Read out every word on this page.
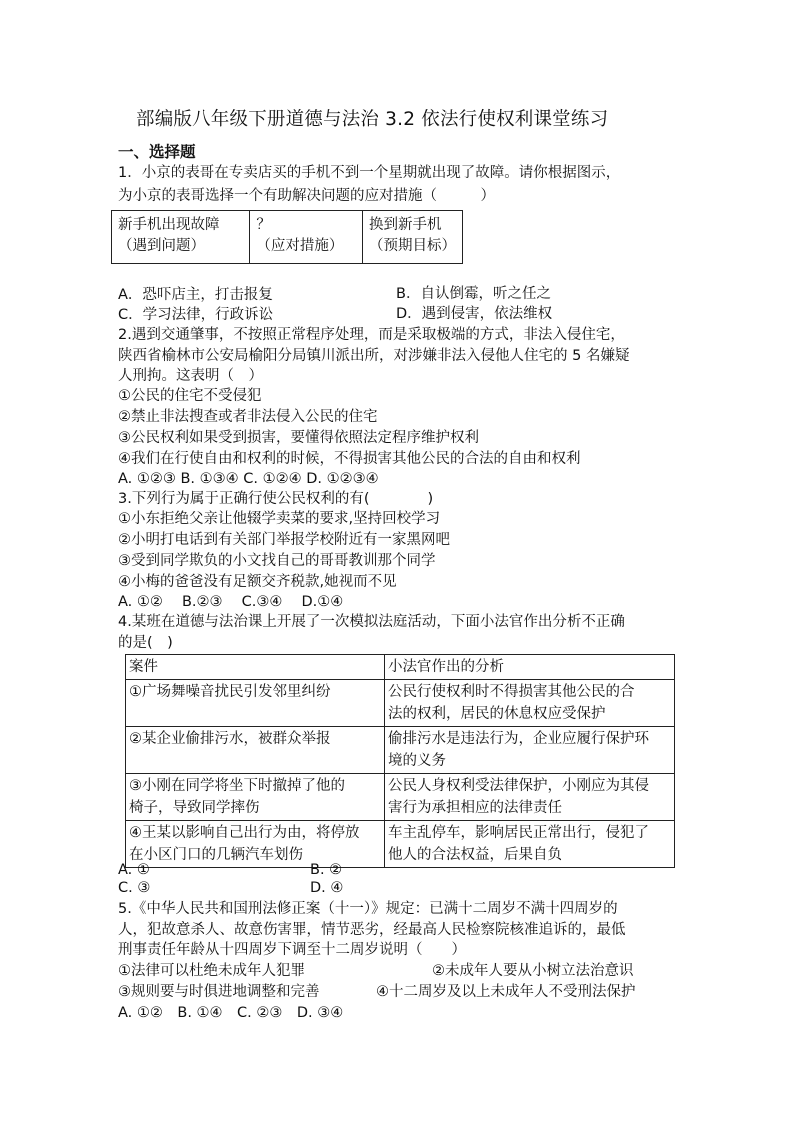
部编版八年级下册道德与法治 3.2 依法行使权利课堂练习
一、选择题
1．小京的表哥在专卖店买的手机不到一个星期就出现了故障。请你根据图示，
为小京的表哥选择一个有助解决问题的应对措施（　　　）
新手机出现故障
（遇到问题）

？
（应对措施）

换到新手机
（预期目标）
A．恐吓店主，打击报复	B．自认倒霉，听之任之
C．学习法律，行政诉讼	D．遇到侵害，依法维权
2.遇到交通肇事，不按照正常程序处理，而是采取极端的方式，非法入侵住宅，
陕西省榆林市公安局榆阳分局镇川派出所，对涉嫌非法入侵他人住宅的 5 名嫌疑
人刑拘。这表明（　）
①公民的住宅不受侵犯
②禁止非法搜查或者非法侵入公民的住宅
③公民权利如果受到损害，要懂得依照法定程序维护权利
④我们在行使自由和权利的时候，不得损害其他公民的合法的自由和权利
A. ①②③ B. ①③④ C. ①②④ D. ①②③④
3.下列行为属于正确行使公民权利的有(　　　　)
①小东拒绝父亲让他辍学卖菜的要求,坚持回校学习
②小明打电话到有关部门举报学校附近有一家黑网吧
③受到同学欺负的小文找自己的哥哥教训那个同学
④小梅的爸爸没有足额交齐税款,她视而不见
A. ①②　 B.②③　 C.③④　 D.①④
4.某班在道德与法治课上开展了一次模拟法庭活动，下面小法官作出分析不正确
的是(　)
案件	小法官作出的分析

①广场舞噪音扰民引发邻里纠纷	公民行使权利时不得损害其他公民的合
法的权利，居民的休息权应受保护

②某企业偷排污水，被群众举报	偷排污水是违法行为，企业应履行保护环
境的义务

③小刚在同学将坐下时撤掉了他的
椅子，导致同学摔伤	公民人身权利受法律保护，小刚应为其侵
害行为承担相应的法律责任

④王某以影响自己出行为由，将停放
在小区门口的几辆汽车划伤	车主乱停车，影响居民正常出行，侵犯了
他人的合法权益，后果自负
A. ①	B. ②
C. ③	D. ④
5.《中华人民共和国刑法修正案（十一）》规定：已满十二周岁不满十四周岁的
人，犯故意杀人、故意伤害罪，情节恶劣，经最高人民检察院核准追诉的，最低
刑事责任年龄从十四周岁下调至十二周岁说明（　　）
①法律可以杜绝未成年人犯罪	②未成年人要从小树立法治意识
③规则要与时俱进地调整和完善	④十二周岁及以上未成年人不受刑法保护
A. ①②　B. ①④　C. ②③　D. ③④
